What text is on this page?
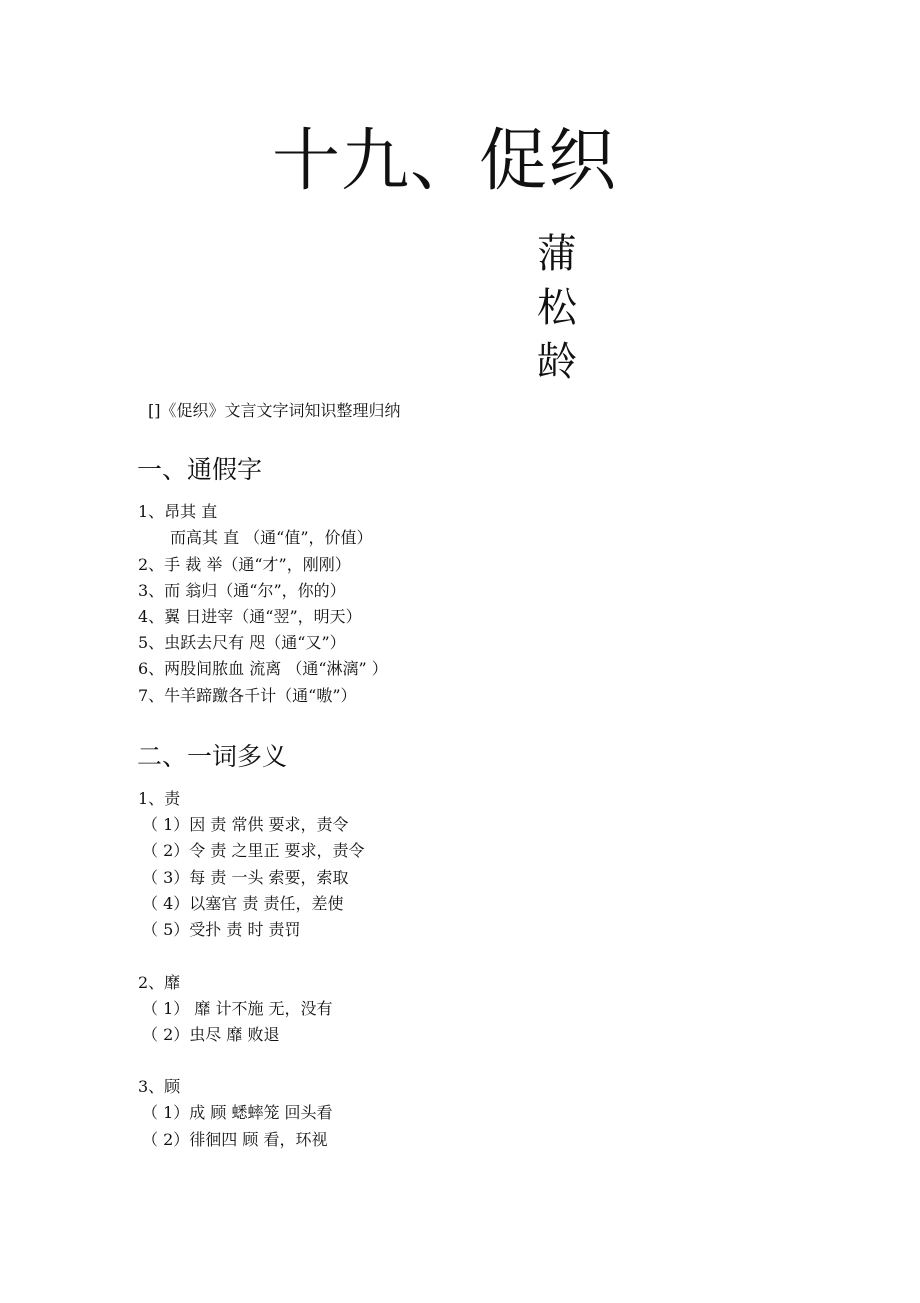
十九、促织
蒲
松
龄
[]《促织》文言文字词知识整理归纳
一、通假字
1、昂其 直
而高其 直 （通“值”，价值）
2、手 裁 举（通“才”，刚刚）
3、而 翁归（通“尔”，你的）
4、翼 日进宰（通“翌”，明天）
5、虫跃去尺有 咫（通“又”）
6、两股间脓血 流离 （通“淋漓” ）
7、牛羊蹄躈各千计（通“嗷”）
二、一词多义
1、责
（ 1）因 责 常供 要求，责令
（ 2）令 责 之里正 要求，责令
（ 3）每 责 一头 索要，索取
（ 4）以塞官 责 责任，差使
（ 5）受扑 责 时 责罚
2、靡
（ 1） 靡 计不施 无，没有
（ 2）虫尽 靡 败退
3、顾
（ 1）成 顾 蟋蟀笼 回头看
（ 2）徘徊四 顾 看，环视
